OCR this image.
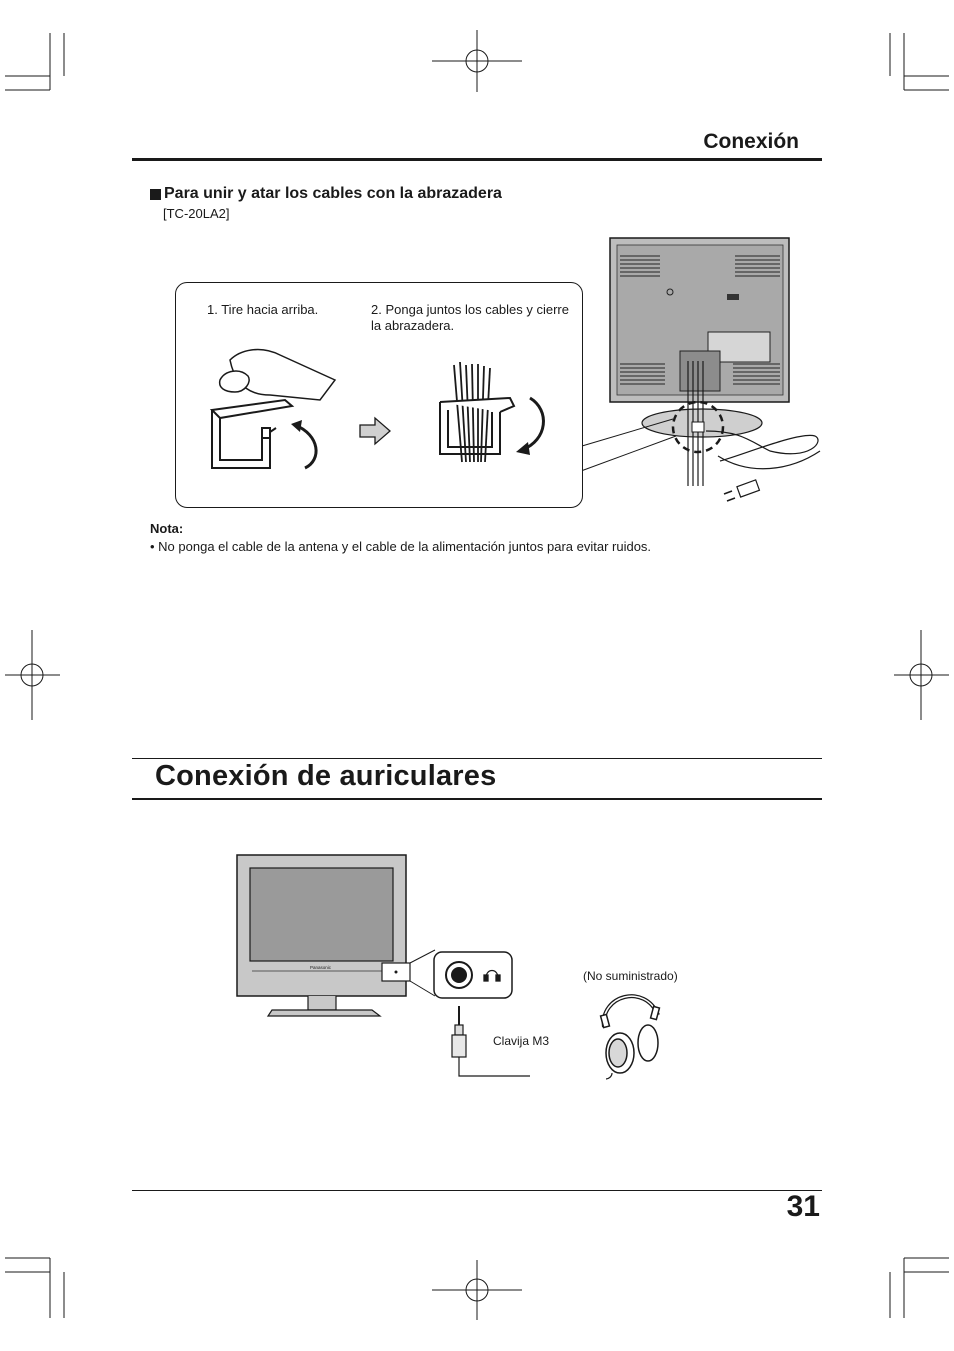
Conexión
Para unir y atar los cables con la abrazadera
[TC-20LA2]
1. Tire hacia arriba.	2. Ponga juntos los cables y cierre la abrazadera.
Nota:
• No ponga el cable de la antena y el cable de la alimentación juntos para evitar ruidos.
Conexión de auriculares
Panasonic
(No suministrado)
Clavija M3
31
